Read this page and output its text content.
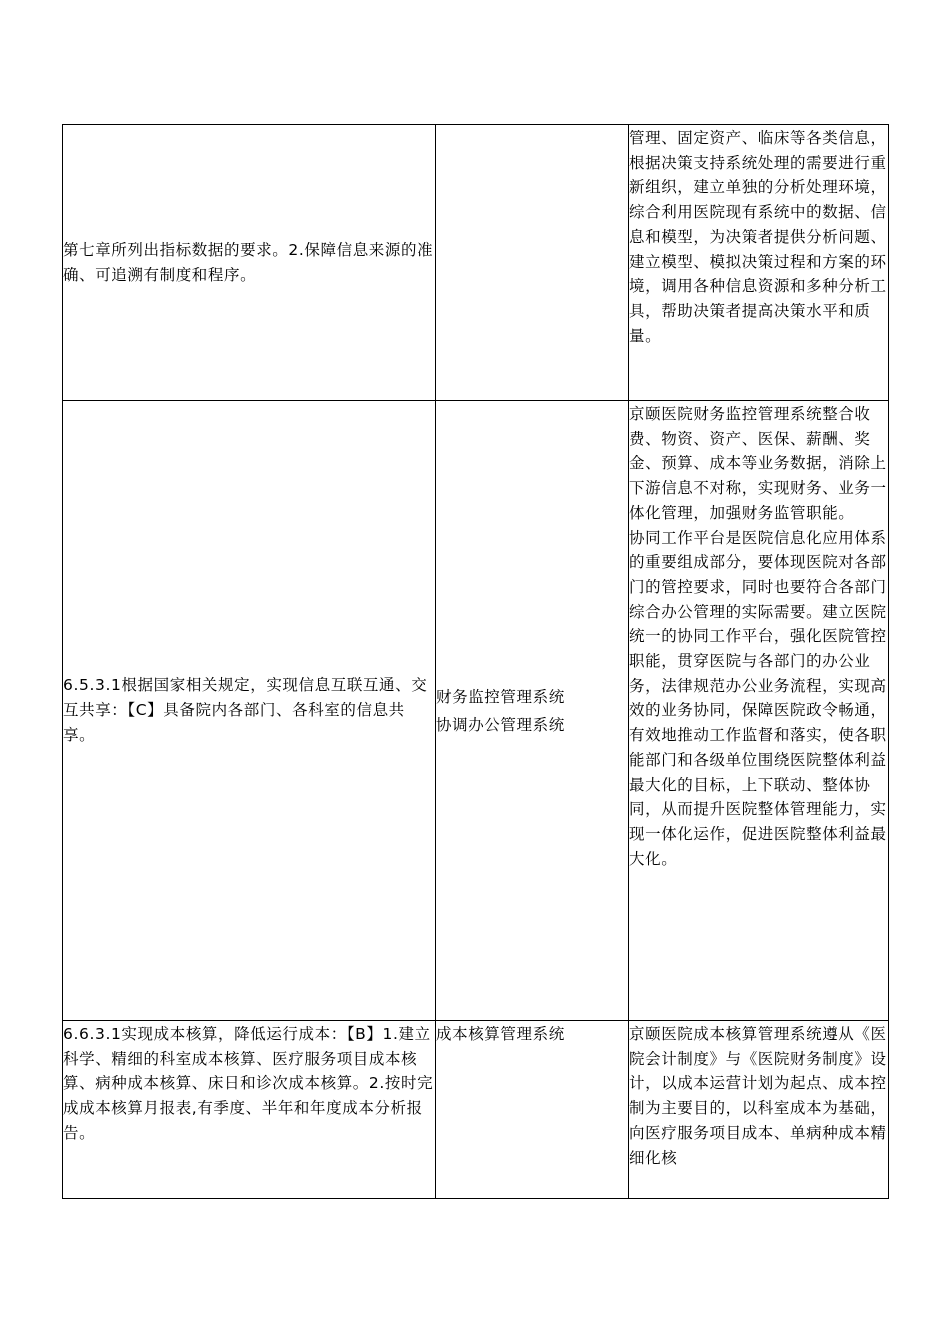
第七章所列出指标数据的要求。2.保障信息来源的准确、可追溯有制度和程序。		管理、固定资产、临床等各类信息，根据决策支持系统处理的需要进行重新组织，建立单独的分析处理环境，综合利用医院现有系统中的数据、信息和模型，为决策者提供分析问题、建立模型、模拟决策过程和方案的环境，调用各种信息资源和多种分析工具，帮助决策者提高决策水平和质量。

6.5.3.1根据国家相关规定，实现信息互联互通、交互共享：【C】具备院内各部门、各科室的信息共享。	财务监控管理系统
协调办公管理系统	京颐医院财务监控管理系统整合收费、物资、资产、医保、薪酬、奖金、预算、成本等业务数据，消除上下游信息不对称，实现财务、业务一体化管理，加强财务监管职能。
协同工作平台是医院信息化应用体系的重要组成部分，要体现医院对各部门的管控要求，同时也要符合各部门综合办公管理的实际需要。建立医院统一的协同工作平台，强化医院管控职能，贯穿医院与各部门的办公业务，法律规范办公业务流程，实现高效的业务协同，保障医院政令畅通，有效地推动工作监督和落实，使各职能部门和各级单位围绕医院整体利益最大化的目标，上下联动、整体协同，从而提升医院整体管理能力，实现一体化运作，促进医院整体利益最大化。

6.6.3.1实现成本核算，降低运行成本：【B】1.建立科学、精细的科室成本核算、医疗服务项目成本核算、病种成本核算、床日和诊次成本核算。2.按时完成成本核算月报表,有季度、半年和年度成本分析报告。	成本核算管理系统	京颐医院成本核算管理系统遵从《医院会计制度》与《医院财务制度》设计，以成本运营计划为起点、成本控制为主要目的，以科室成本为基础，向医疗服务项目成本、单病种成本精细化核
